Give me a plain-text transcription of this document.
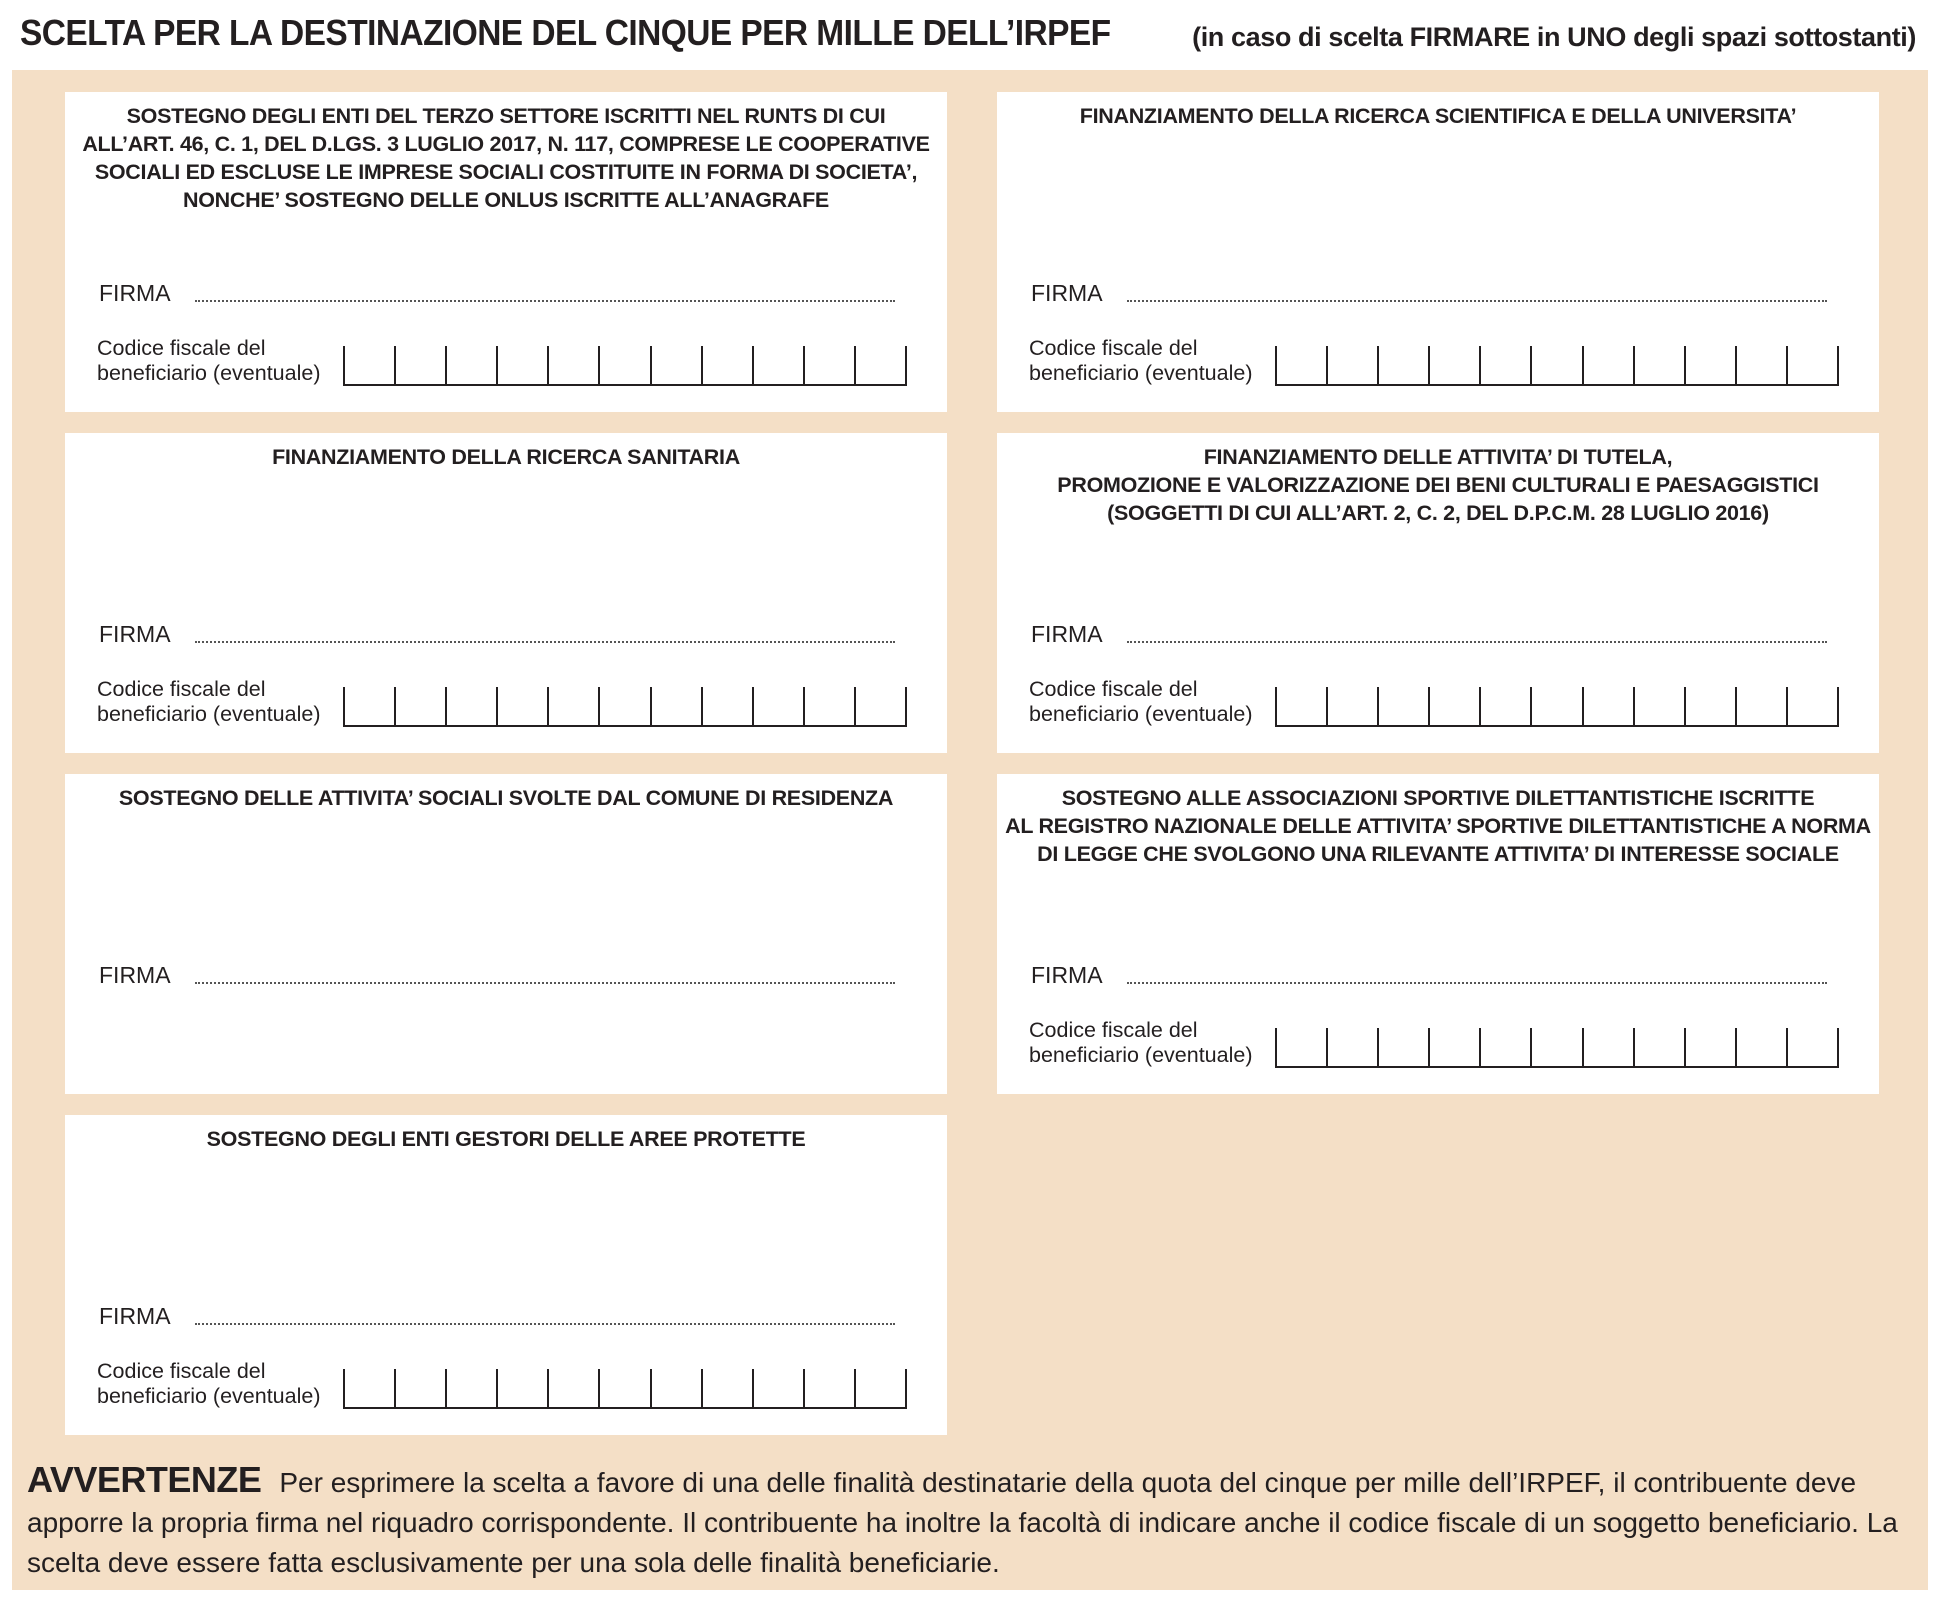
SCELTA PER LA DESTINAZIONE DEL CINQUE PER MILLE DELL’IRPEF	(in caso di scelta FIRMARE in UNO degli spazi sottostanti)
SOSTEGNO DEGLI ENTI DEL TERZO SETTORE ISCRITTI NEL RUNTS DI CUI
ALL’ART. 46, C. 1, DEL D.LGS. 3 LUGLIO 2017, N. 117, COMPRESE LE COOPERATIVE
SOCIALI ED ESCLUSE LE IMPRESE SOCIALI COSTITUITE IN FORMA DI SOCIETA’,
NONCHE’ SOSTEGNO DELLE ONLUS ISCRITTE ALL’ANAGRAFE
FIRMA
Codice fiscale del
beneficiario (eventuale)
FINANZIAMENTO DELLA RICERCA SCIENTIFICA E DELLA UNIVERSITA’
FIRMA
Codice fiscale del
beneficiario (eventuale)
FINANZIAMENTO DELLA RICERCA SANITARIA
FIRMA
Codice fiscale del
beneficiario (eventuale)
FINANZIAMENTO DELLE ATTIVITA’ DI TUTELA,
PROMOZIONE E VALORIZZAZIONE DEI BENI CULTURALI E PAESAGGISTICI
(SOGGETTI DI CUI ALL’ART. 2, C. 2, DEL D.P.C.M. 28 LUGLIO 2016)
FIRMA
Codice fiscale del
beneficiario (eventuale)
SOSTEGNO DELLE ATTIVITA’ SOCIALI SVOLTE DAL COMUNE DI RESIDENZA
FIRMA
SOSTEGNO ALLE ASSOCIAZIONI SPORTIVE DILETTANTISTICHE ISCRITTE
AL REGISTRO NAZIONALE DELLE ATTIVITA’ SPORTIVE DILETTANTISTICHE A NORMA
DI LEGGE CHE SVOLGONO UNA RILEVANTE ATTIVITA’ DI INTERESSE SOCIALE
FIRMA
Codice fiscale del
beneficiario (eventuale)
SOSTEGNO DEGLI ENTI GESTORI DELLE AREE PROTETTE
FIRMA
Codice fiscale del
beneficiario (eventuale)
AVVERTENZE Per esprimere la scelta a favore di una delle finalità destinatarie della quota del cinque per mille dell’IRPEF, il contribuente deve apporre la propria firma nel riquadro corrispondente. Il contribuente ha inoltre la facoltà di indicare anche il codice fiscale di un soggetto beneficiario. La scelta deve essere fatta esclusivamente per una sola delle finalità beneficiarie.
